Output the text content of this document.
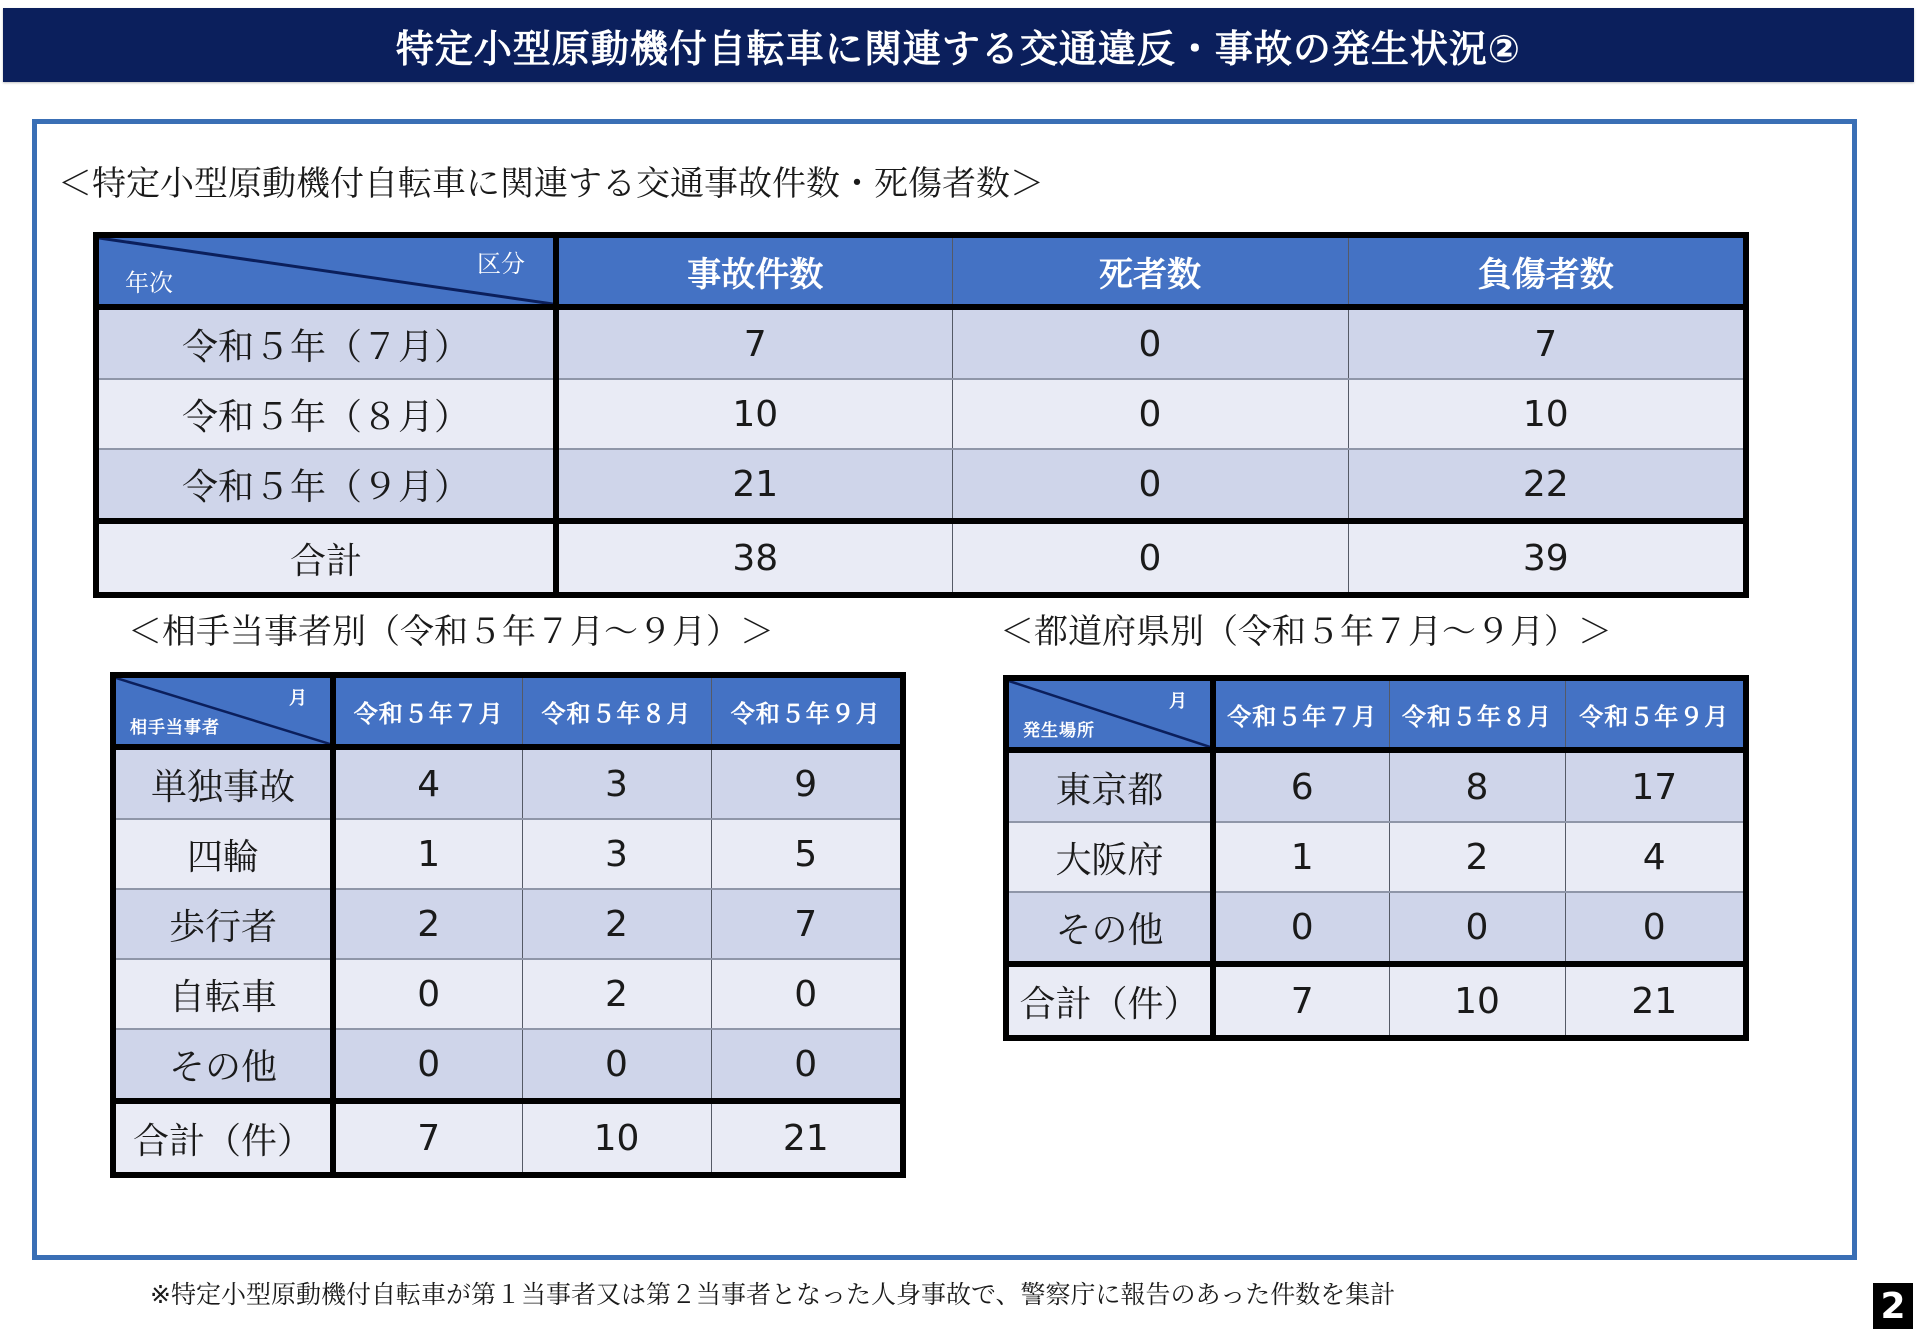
特定小型原動機付自転車に関連する交通違反・事故の発生状況②
＜特定小型原動機付自転車に関連する交通事故件数・死傷者数＞
区分
年次	事故件数	死者数	負傷者数
令和５年（７月）	7	0	7
令和５年（８月）	10	0	10
令和５年（９月）	21	0	22
合計	38	0	39
＜相手当事者別（令和５年７月～９月）＞	＜都道府県別（令和５年７月～９月）＞
月
相手当事者	令和５年７月	令和５年８月	令和５年９月
単独事故	4	3	9
四輪	1	3	5
歩行者	2	2	7
自転車	0	2	0
その他	0	0	0
合計（件）	7	10	21
月
発生場所	令和５年７月	令和５年８月	令和５年９月
東京都	6	8	17
大阪府	1	2	4
その他	0	0	0
合計（件）	7	10	21
※特定小型原動機付自転車が第１当事者又は第２当事者となった人身事故で、警察庁に報告のあった件数を集計	2
